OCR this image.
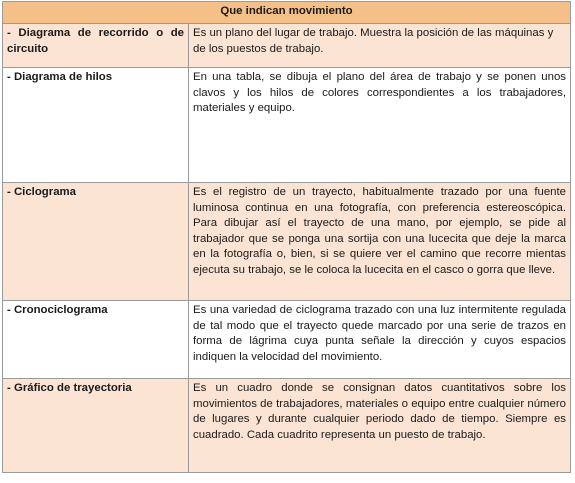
Que indican movimiento	
- Diagrama de recorrido o de circuito	Es un plano del lugar de trabajo. Muestra la posición de las máquinas y de los puestos de trabajo.
- Diagrama de hilos	En una tabla, se dibuja el plano del área de trabajo y se ponen unos clavos y los hilos de colores correspondientes a los trabajadores, materiales y equipo.
- Ciclograma	Es el registro de un trayecto, habitualmente trazado por una fuente luminosa continua en una fotografía, con preferencia estereoscópica. Para dibujar así el trayecto de una mano, por ejemplo, se pide al trabajador que se ponga una sortija con una lucecita que deje la marca en la fotografía o, bien, si se quiere ver el camino que recorre mientas ejecuta su trabajo, se le coloca la lucecita en el casco o gorra que lleve.
- Cronociclograma	Es una variedad de ciclograma trazado con una luz intermitente regulada de tal modo que el trayecto quede marcado por una serie de trazos en forma de lágrima cuya punta señale la dirección y cuyos espacios indiquen la velocidad del movimiento.
- Gráfico de trayectoria	Es un cuadro donde se consignan datos cuantitativos sobre los movimientos de trabajadores, materiales o equipo entre cualquier número de lugares y durante cualquier periodo dado de tiempo. Siempre es cuadrado. Cada cuadrito representa un puesto de trabajo.
